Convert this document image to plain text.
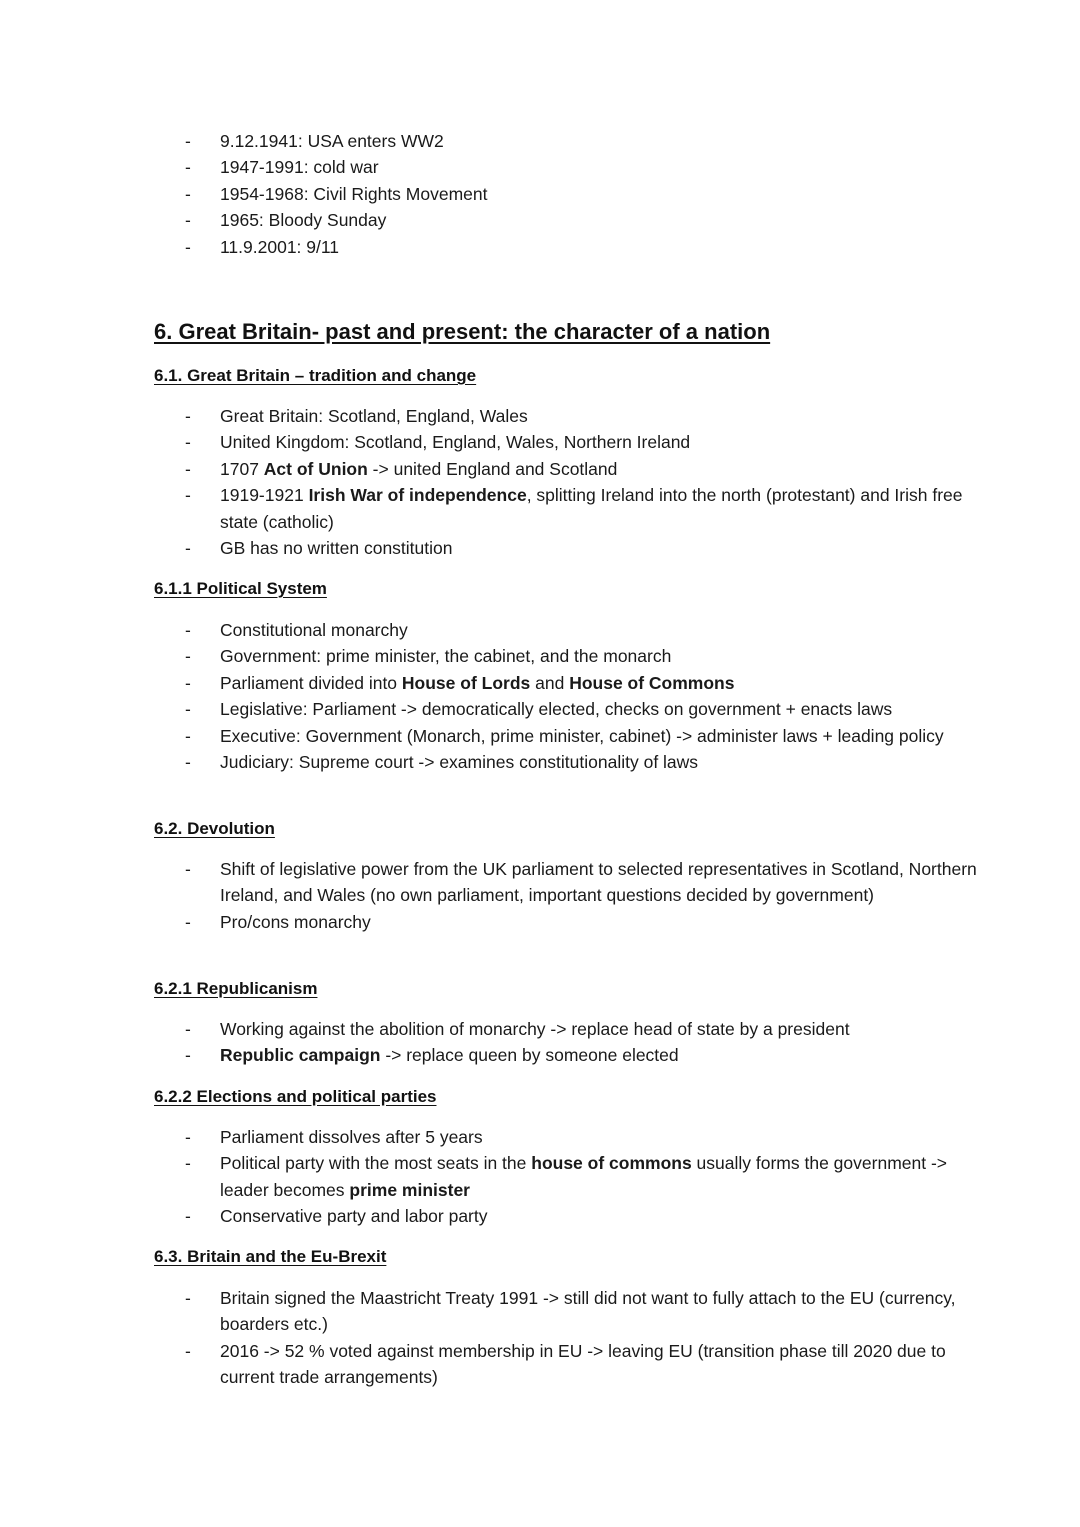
-	9.12.1941: USA enters WW2
-	1947-1991: cold war
-	1954-1968: Civil Rights Movement
-	1965: Bloody Sunday
-	11.9.2001: 9/11
6. Great Britain- past and present: the character of a nation
6.1. Great Britain – tradition and change
-	Great Britain: Scotland, England, Wales
-	United Kingdom: Scotland, England, Wales, Northern Ireland
-	1707 Act of Union -> united England and Scotland
-	1919-1921 Irish War of independence, splitting Ireland into the north (protestant) and Irish free state (catholic)
-	GB has no written constitution
6.1.1 Political System
-	Constitutional monarchy
-	Government: prime minister, the cabinet, and the monarch
-	Parliament divided into House of Lords and House of Commons
-	Legislative: Parliament -> democratically elected, checks on government + enacts laws
-	Executive: Government (Monarch, prime minister, cabinet) -> administer laws + leading policy
-	Judiciary: Supreme court -> examines constitutionality of laws
6.2. Devolution
-	Shift of legislative power from the UK parliament to selected representatives in Scotland, Northern Ireland, and Wales (no own parliament, important questions decided by government)
-	Pro/cons monarchy
6.2.1 Republicanism
-	Working against the abolition of monarchy -> replace head of state by a president
-	Republic campaign -> replace queen by someone elected
6.2.2 Elections and political parties
-	Parliament dissolves after 5 years
-	Political party with the most seats in the house of commons usually forms the government -> leader becomes prime minister
-	Conservative party and labor party
6.3. Britain and the Eu-Brexit
-	Britain signed the Maastricht Treaty 1991 -> still did not want to fully attach to the EU (currency, boarders etc.)
-	2016 -> 52 % voted against membership in EU -> leaving EU (transition phase till 2020 due to current trade arrangements)
